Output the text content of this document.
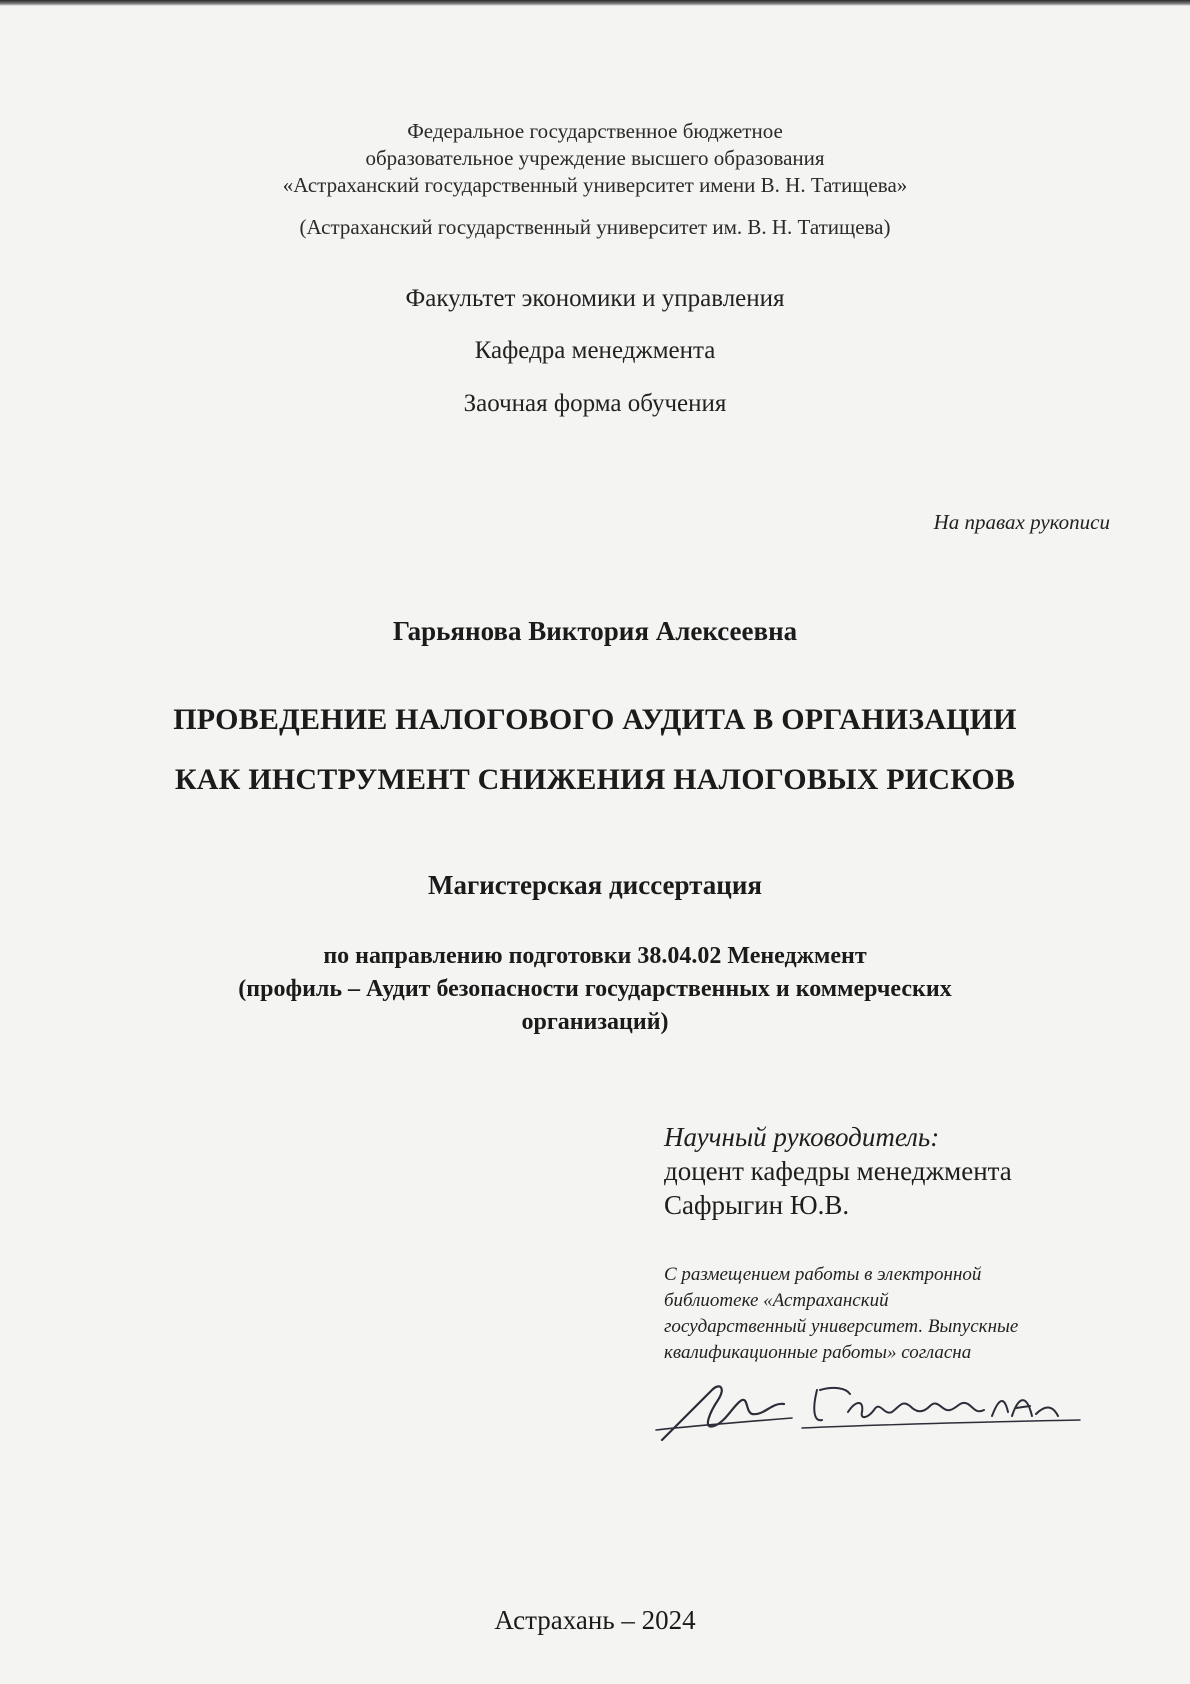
Федеральное государственное бюджетное
образовательное учреждение высшего образования
«Астраханский государственный университет имени В. Н. Татищева»
(Астраханский государственный университет им. В. Н. Татищева)
Факультет экономики и управления
Кафедра менеджмента
Заочная форма обучения
На правах рукописи
Гарьянова Виктория Алексеевна
ПРОВЕДЕНИЕ НАЛОГОВОГО АУДИТА В ОРГАНИЗАЦИИ
КАК ИНСТРУМЕНТ СНИЖЕНИЯ НАЛОГОВЫХ РИСКОВ
Магистерская диссертация
по направлению подготовки 38.04.02 Менеджмент
(профиль – Аудит безопасности государственных и коммерческих
организаций)
Научный руководитель:
доцент кафедры менеджмента
Сафрыгин Ю.В.
С размещением работы в электронной
библиотеке «Астраханский
государственный университет. Выпускные
квалификационные работы» согласна
Астрахань – 2024
